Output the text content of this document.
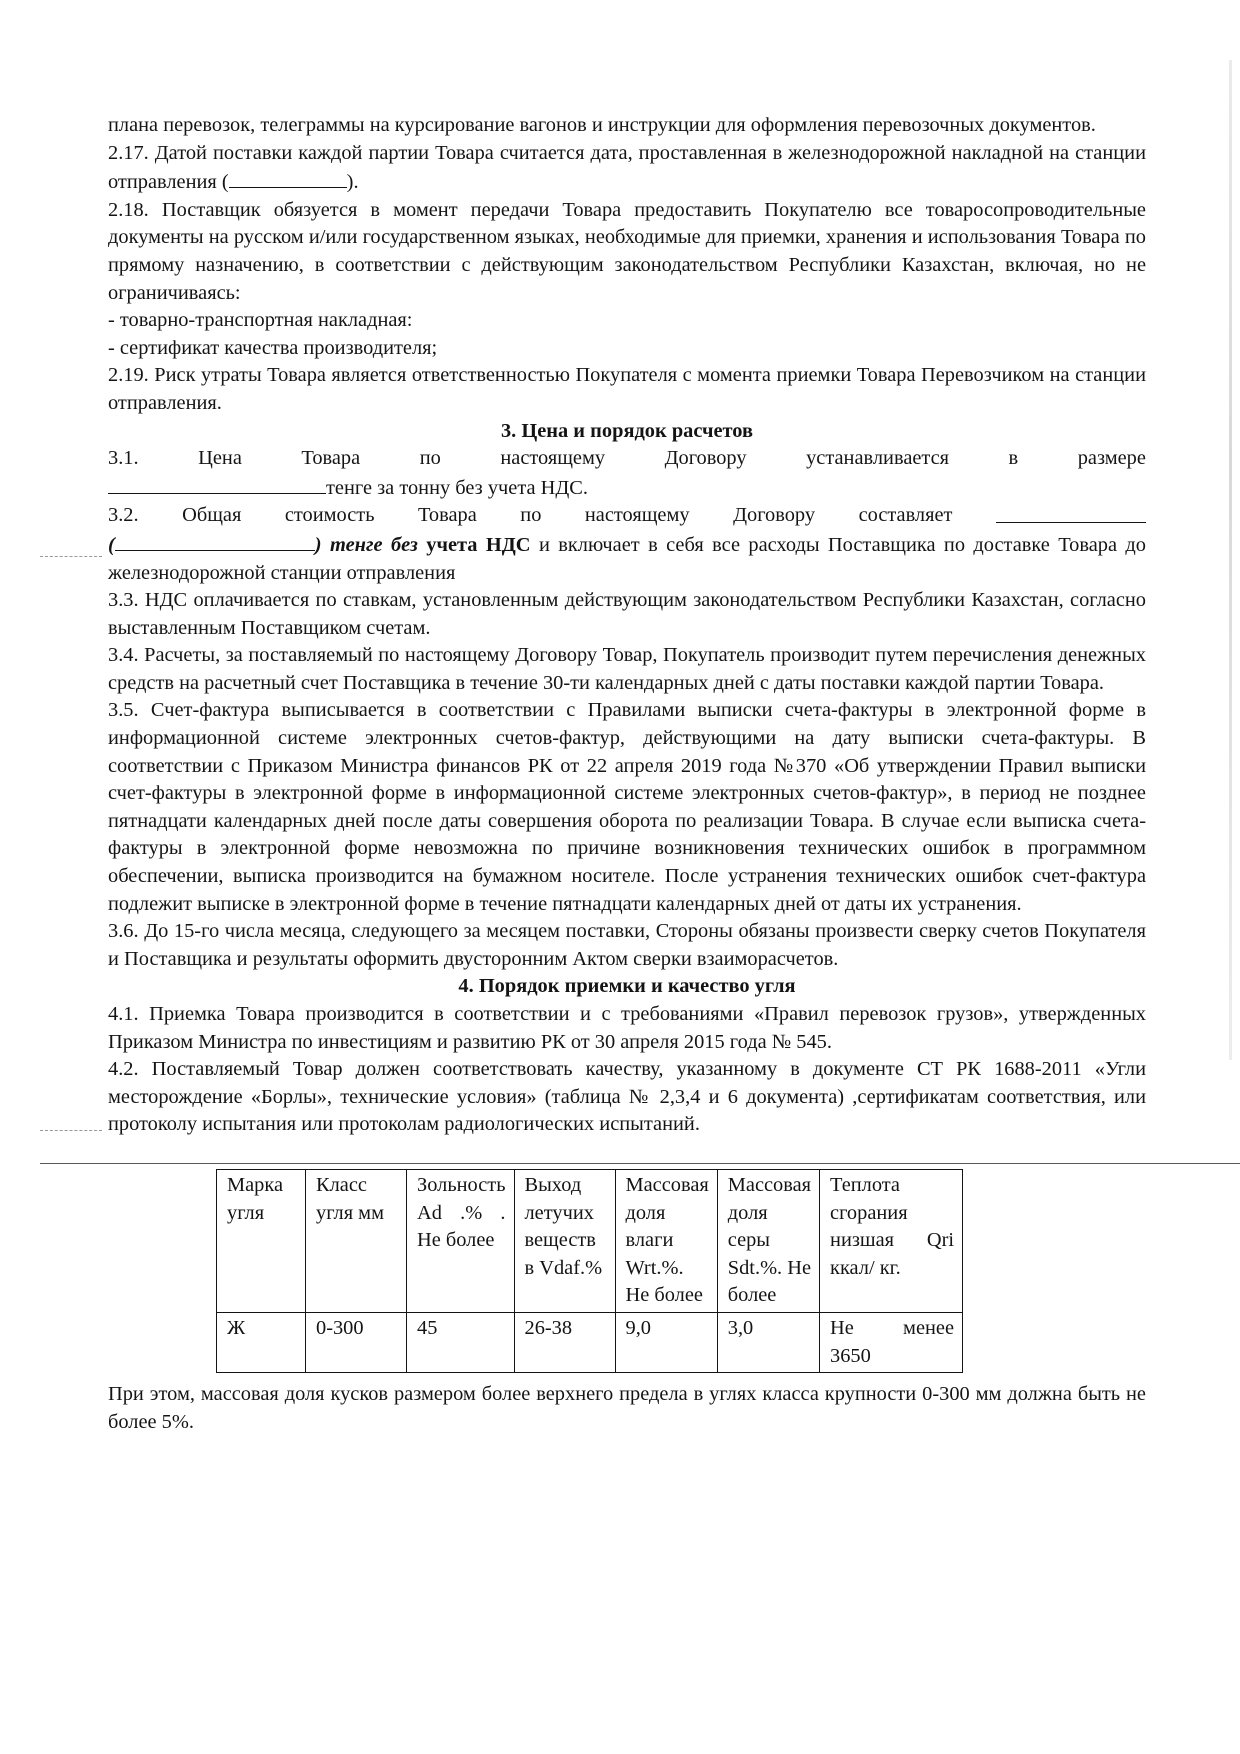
плана перевозок, телеграммы на курсирование вагонов и инструкции для оформления перевозочных документов.

2.17. Датой поставки каждой партии Товара считается дата, проставленная в железнодорожной накладной на станции отправления (	).

2.18. Поставщик обязуется в момент передачи Товара предоставить Покупателю все товаросопроводительные документы на русском и/или государственном языках, необходимые для приемки, хранения и использования Товара по прямому назначению, в соответствии с действующим законодательством Республики Казахстан, включая, но не ограничиваясь:

- товарно-транспортная накладная:

- сертификат качества производителя;

2.19. Риск утраты Товара является ответственностью Покупателя с момента приемки Товара Перевозчиком на станции отправления.

3. Цена и порядок расчетов
3.1.	Цена	Товара	по	настоящему	Договору	устанавливается	в	размере

тенге за тонну без учета НДС.

3.2. Общая стоимость Товара по настоящему Договору составляет

(	) тенге без учета НДС и включает в себя все расходы Поставщика по доставке Товара до железнодорожной станции отправления

3.3. НДС оплачивается по ставкам, установленным действующим законодательством Республики Казахстан, согласно выставленным Поставщиком счетам.

3.4. Расчеты, за поставляемый по настоящему Договору Товар, Покупатель производит путем перечисления денежных средств на расчетный счет Поставщика в течение 30-ти календарных дней с даты поставки каждой партии Товара.

3.5. Счет-фактура выписывается в соответствии с Правилами выписки счета-фактуры в электронной форме в информационной системе электронных счетов-фактур, действующими на дату выписки счета-фактуры. В соответствии с Приказом Министра финансов РК от 22 апреля 2019 года №370 «Об утверждении Правил выписки счет-фактуры в электронной форме в информационной системе электронных счетов-фактур», в период не позднее пятнадцати календарных дней после даты совершения оборота по реализации Товара. В случае если выписка счета-фактуры в электронной форме невозможна по причине возникновения технических ошибок в программном обеспечении, выписка производится на бумажном носителе. После устранения технических ошибок счет-фактура подлежит выписке в электронной форме в течение пятнадцати календарных дней от даты их устранения.

3.6. До 15-го числа месяца, следующего за месяцем поставки, Стороны обязаны произвести сверку счетов Покупателя и Поставщика и результаты оформить двусторонним Актом сверки взаиморасчетов.

4. Порядок приемки и качество угля

4.1. Приемка Товара производится в соответствии и с требованиями «Правил перевозок грузов», утвержденных Приказом Министра по инвестициям и развитию РК от 30 апреля 2015 года № 545.

4.2. Поставляемый Товар должен соответствовать качеству, указанному в документе СТ РК 1688-2011 «Угли месторождение «Борлы», технические условия» (таблица № 2,3,4 и 6 документа) ,сертификатам соответствия, или протоколу испытания или протоколам радиологических испытаний.

Марка угля	Класс угля мм	Зольность Ad .% . Не более	Выход летучих веществ в Vdaf.%	Массовая доля влаги Wrt.%. Не более	Массовая доля серы Sdt.%. Не более	Теплота сгорания низшая Qri ккал/ кг.
Ж	0-300	45	26-38	9,0	3,0	Не менее 3650

При этом, массовая доля кусков размером более верхнего предела в углях класса крупности 0-300 мм должна быть не более 5%.
